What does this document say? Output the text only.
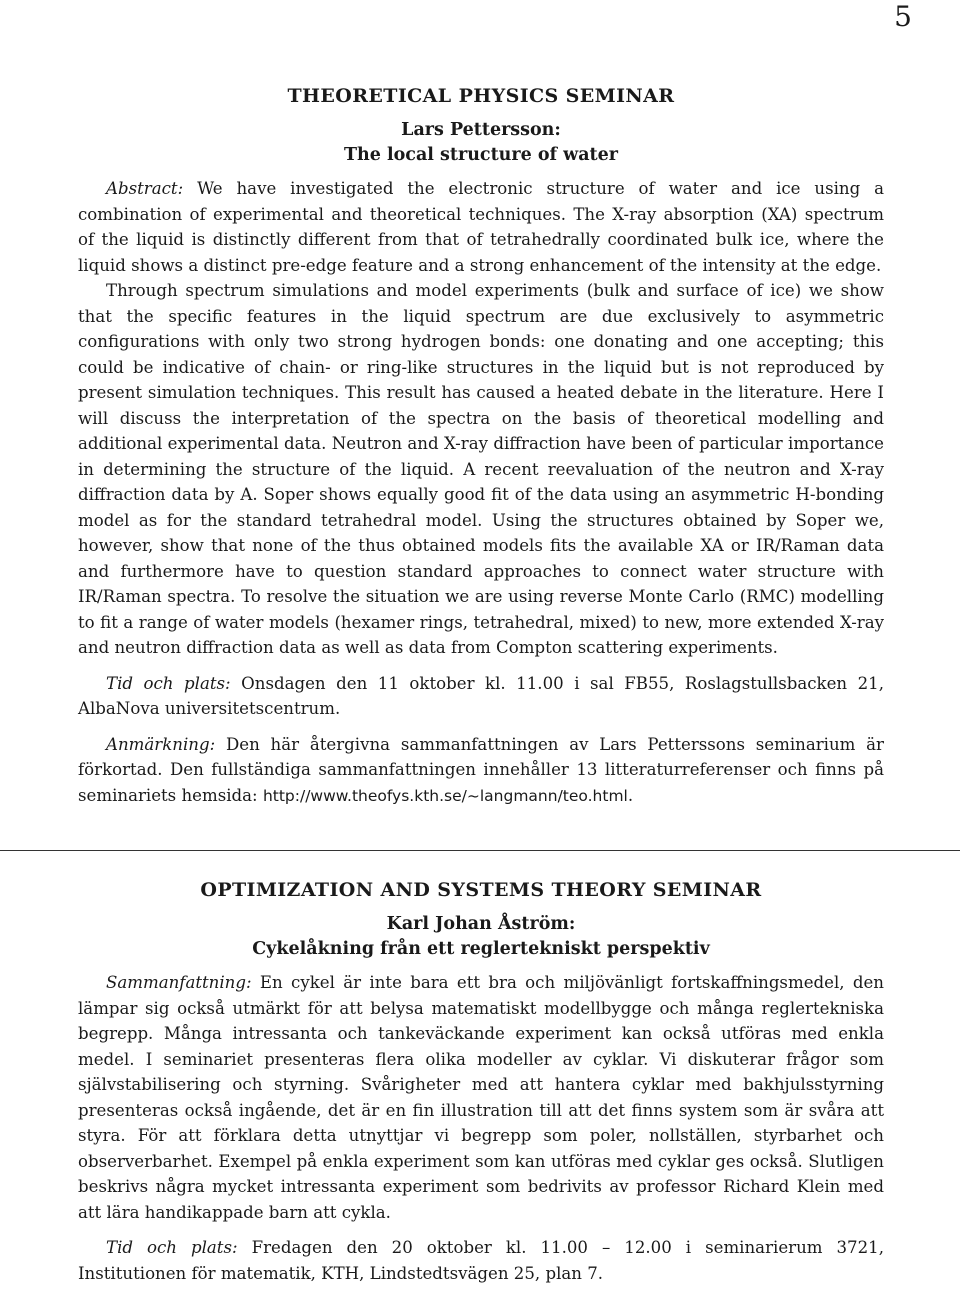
5
THEORETICAL PHYSICS SEMINAR
Lars Pettersson:
The local structure of water

Abstract: We have investigated the electronic structure of water and ice using a combination of experimental and theoretical techniques. The X-ray absorption (XA) spectrum of the liquid is distinctly different from that of tetrahedrally coordinated bulk ice, where the liquid shows a distinct pre-edge feature and a strong enhancement of the intensity at the edge.

Through spectrum simulations and model experiments (bulk and surface of ice) we show that the specific features in the liquid spectrum are due exclusively to asymmetric configurations with only two strong hydrogen bonds: one donating and one accepting; this could be indicative of chain- or ring-like structures in the liquid but is not reproduced by present simulation techniques. This result has caused a heated debate in the literature. Here I will discuss the interpretation of the spectra on the basis of theoretical modelling and additional experimental data. Neutron and X-ray diffraction have been of particular importance in determining the structure of the liquid. A recent reevaluation of the neutron and X-ray diffraction data by A. Soper shows equally good fit of the data using an asymmetric H-bonding model as for the standard tetrahedral model. Using the structures obtained by Soper we, however, show that none of the thus obtained models fits the available XA or IR/Raman data and furthermore have to question standard approaches to connect water structure with IR/Raman spectra. To resolve the situation we are using reverse Monte Carlo (RMC) modelling to fit a range of water models (hexamer rings, tetrahedral, mixed) to new, more extended X-ray and neutron diffraction data as well as data from Compton scattering experiments.

Tid och plats: Onsdagen den 11 oktober kl. 11.00 i sal FB55, Roslagstullsbacken 21, AlbaNova universitetscentrum.

Anmärkning: Den här återgivna sammanfattningen av Lars Petterssons seminarium är förkortad. Den fullständiga sammanfattningen innehåller 13 litteraturreferenser och finns på seminariets hemsida: http://www.theofys.kth.se/~langmann/teo.html.

OPTIMIZATION AND SYSTEMS THEORY SEMINAR
Karl Johan Åström:
Cykelåkning från ett reglertekniskt perspektiv

Sammanfattning: En cykel är inte bara ett bra och miljövänligt fortskaffningsmedel, den lämpar sig också utmärkt för att belysa matematiskt modellbygge och många reglertekniska begrepp. Många intressanta och tankeväckande experiment kan också utföras med enkla medel. I seminariet presenteras flera olika modeller av cyklar. Vi diskuterar frågor som självstabilisering och styrning. Svårigheter med att hantera cyklar med bakhjulsstyrning presenteras också ingående, det är en fin illustration till att det finns system som är svåra att styra. För att förklara detta utnyttjar vi begrepp som poler, nollställen, styrbarhet och observerbarhet. Exempel på enkla experiment som kan utföras med cyklar ges också. Slutligen beskrivs några mycket intressanta experiment som bedrivits av professor Richard Klein med att lära handikappade barn att cykla.

Tid och plats: Fredagen den 20 oktober kl. 11.00 – 12.00 i seminarierum 3721, Institutionen för matematik, KTH, Lindstedtsvägen 25, plan 7.
